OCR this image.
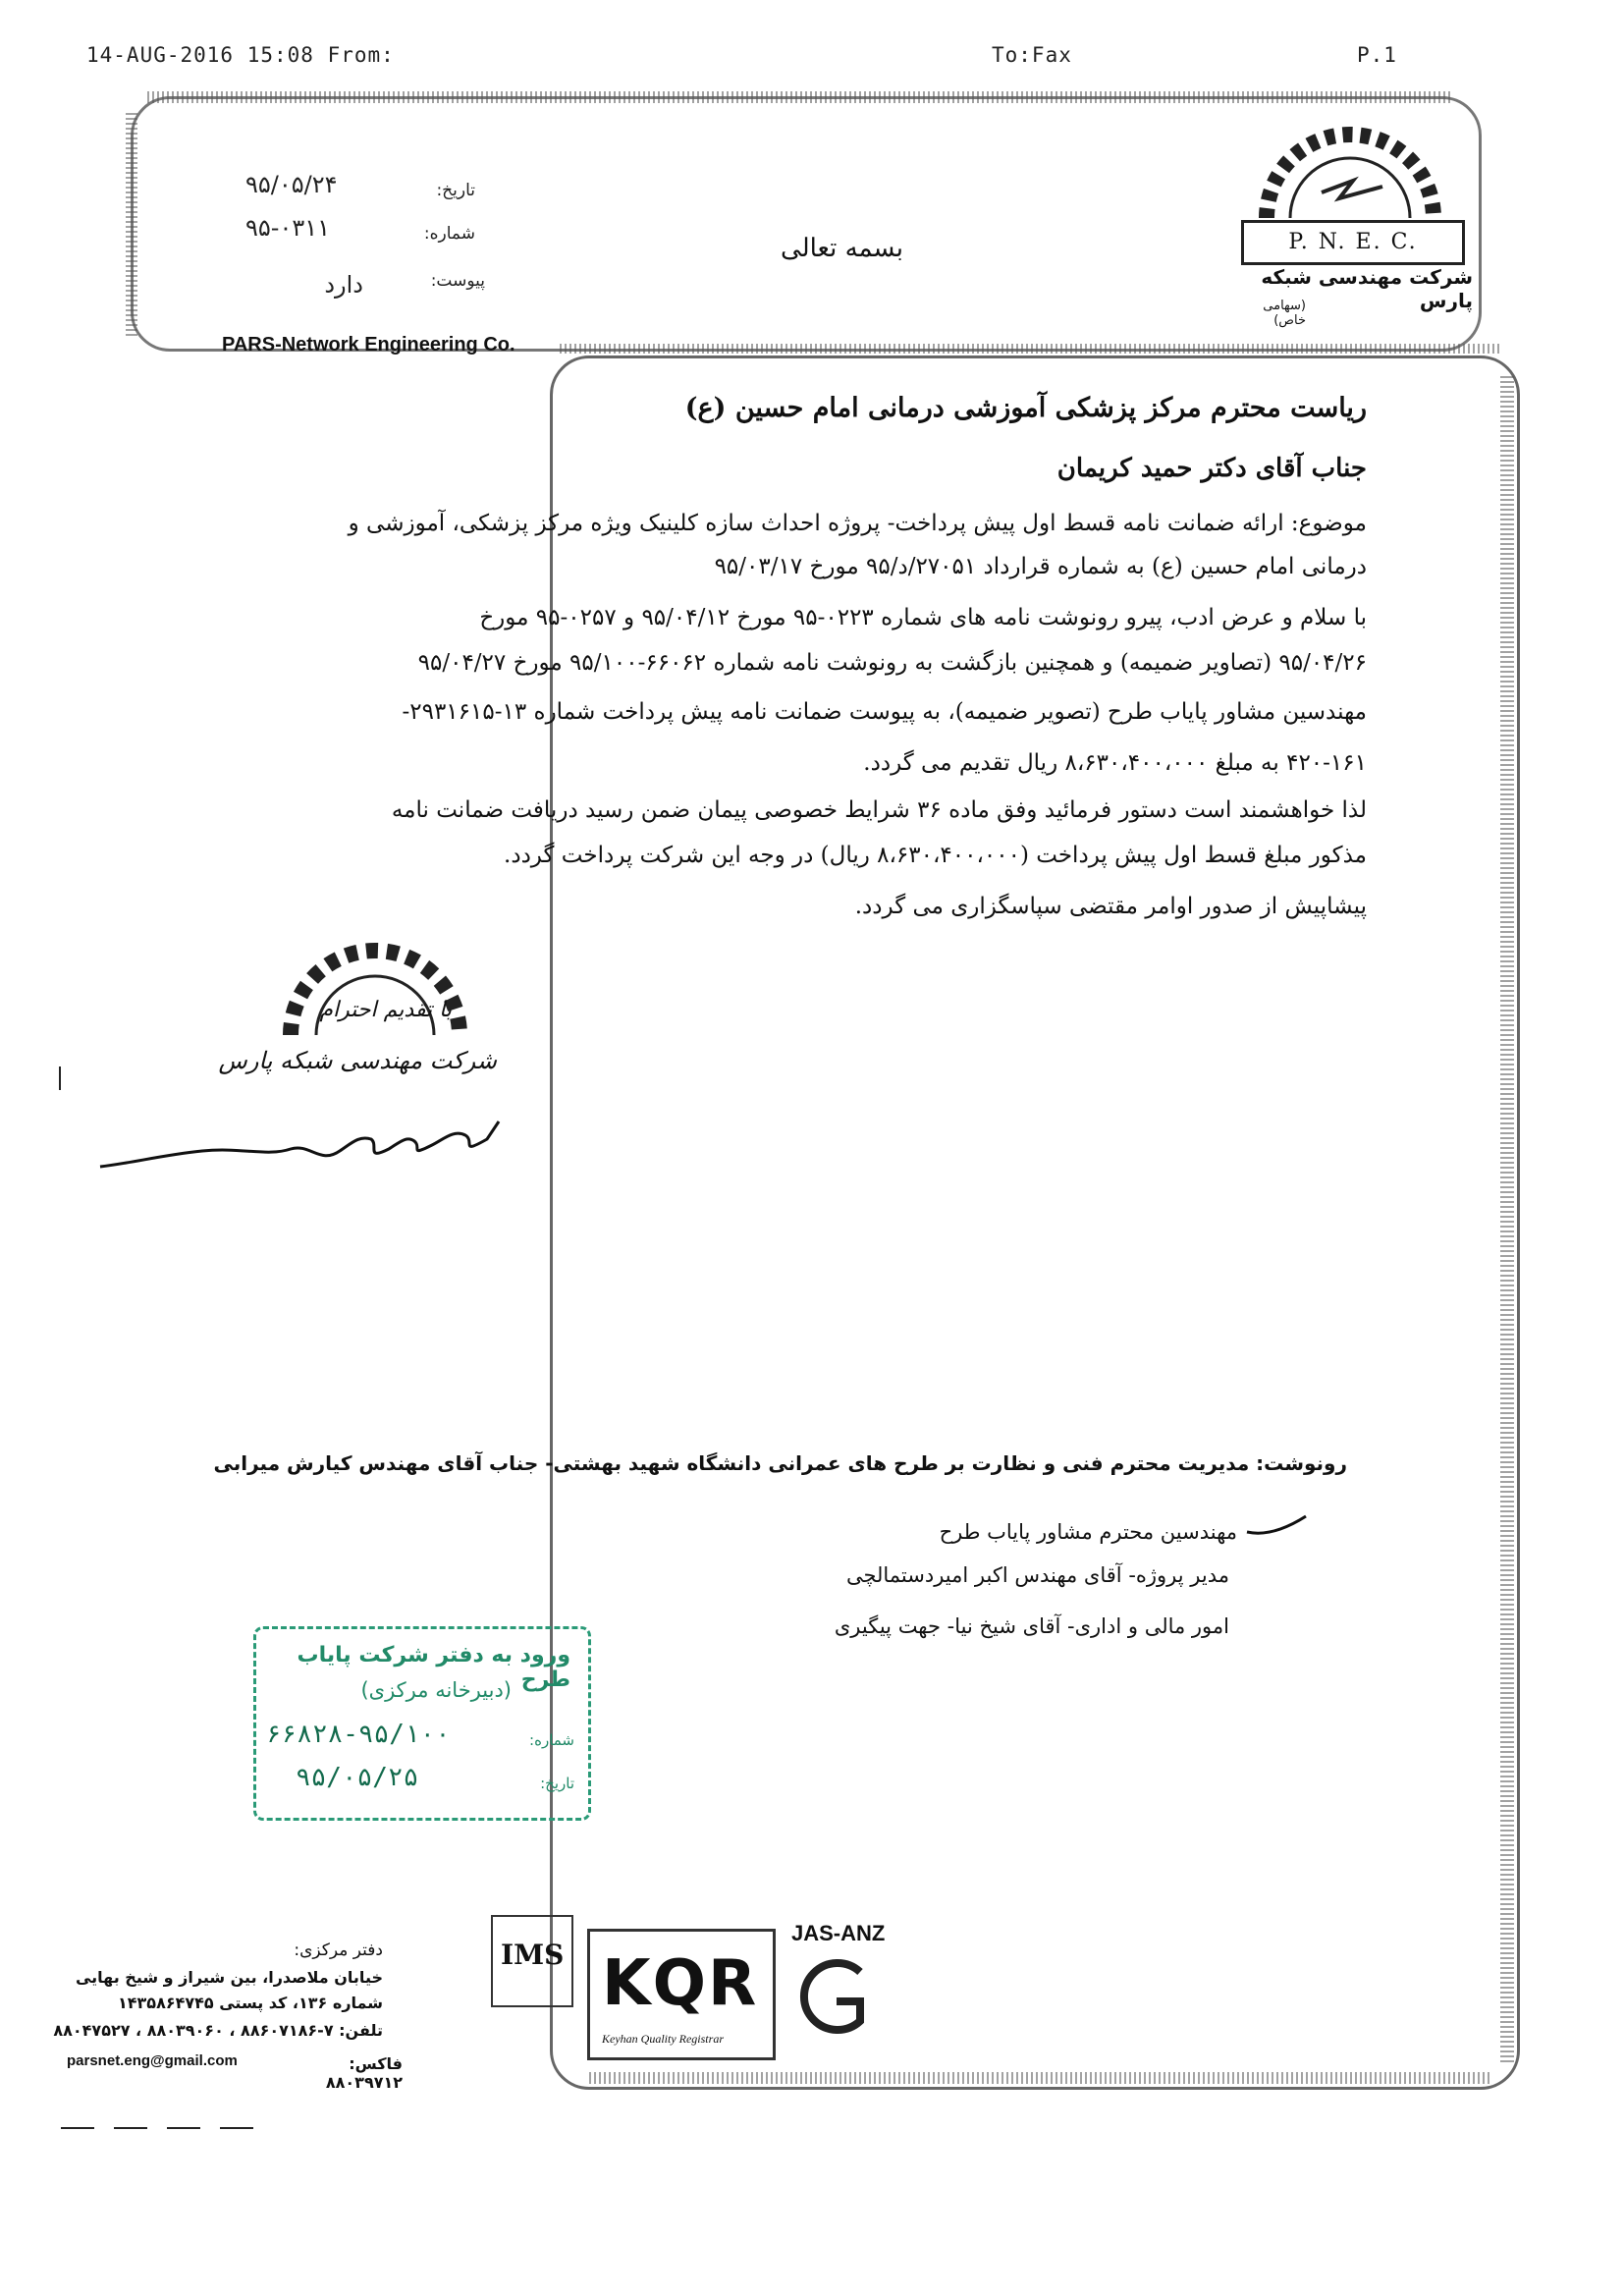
14-AUG-2016 15:08 From:	To:Fax	P.1
P. N. E. C.
شرکت مهندسی شبکه پارس
(سهامی خاص)
PARS-Network Engineering Co.
بسمه تعالی
تاریخ:
۹۵/۰۵/۲۴
شماره:
۹۵-۰۳۱۱
پیوست:
دارد
ریاست محترم مرکز پزشکی آموزشی درمانی امام حسین (ع)
جناب آقای دکتر حمید کریمان
موضوع: ارائه ضمانت نامه قسط اول پیش پرداخت- پروژه احداث سازه کلینیک ویژه مرکز پزشکی، آموزشی و
درمانی امام حسین (ع) به شماره قرارداد ۲۷۰۵۱/د/۹۵ مورخ ۹۵/۰۳/۱۷
با سلام و عرض ادب، پیرو رونوشت نامه های شماره ۰۲۲۳-۹۵ مورخ ۹۵/۰۴/۱۲ و ۰۲۵۷-۹۵ مورخ
۹۵/۰۴/۲۶ (تصاویر ضمیمه) و همچنین بازگشت به رونوشت نامه شماره ۶۶۰۶۲-۹۵/۱۰۰ مورخ ۹۵/۰۴/۲۷
مهندسین مشاور پایاب طرح (تصویر ضمیمه)، به پیوست ضمانت نامه پیش پرداخت شماره ۱۳-۲۹۳۱۶۱۵-
۴۲۰-۱۶۱ به مبلغ ۸،۶۳۰،۴۰۰،۰۰۰ ریال تقدیم می گردد.
لذا خواهشمند است دستور فرمائید وفق ماده ۳۶ شرایط خصوصی پیمان ضمن رسید دریافت ضمانت نامه
مذکور مبلغ قسط اول پیش پرداخت (۸،۶۳۰،۴۰۰،۰۰۰ ریال) در وجه این شرکت پرداخت گردد.
پیشاپیش از صدور اوامر مقتضی سپاسگزاری می گردد.
با تقدیم احترام
شرکت مهندسی شبکه پارس
رونوشت: مدیریت محترم فنی و نظارت بر طرح های عمرانی دانشگاه شهید بهشتی- جناب آقای مهندس کیارش میرابی
مهندسین محترم مشاور پایاب طرح
مدیر پروژه- آقای مهندس اکبر امیردستمالچی
امور مالی و اداری- آقای شیخ نیا- جهت پیگیری
ورود به دفتر شرکت پایاب طرح
(دبیرخانه مرکزی)
شماره:
۶۶۸۲۸-۹۵/۱۰۰
تاریخ:
۹۵/۰۵/۲۵
دفتر مرکزی:
خیابان ملاصدرا، بین شیراز و شیخ بهایی
شماره ۱۳۶، کد پستی ۱۴۳۵۸۶۴۷۴۵
تلفن: ۷-۸۸۶۰۷۱۸۶ ، ۸۸۰۳۹۰۶۰ ، ۸۸۰۴۷۵۲۷
parsnet.eng@gmail.com	فاکس: ۸۸۰۳۹۷۱۲
IMS KQR
Keyhan Quality Registrar
JAS-ANZ
